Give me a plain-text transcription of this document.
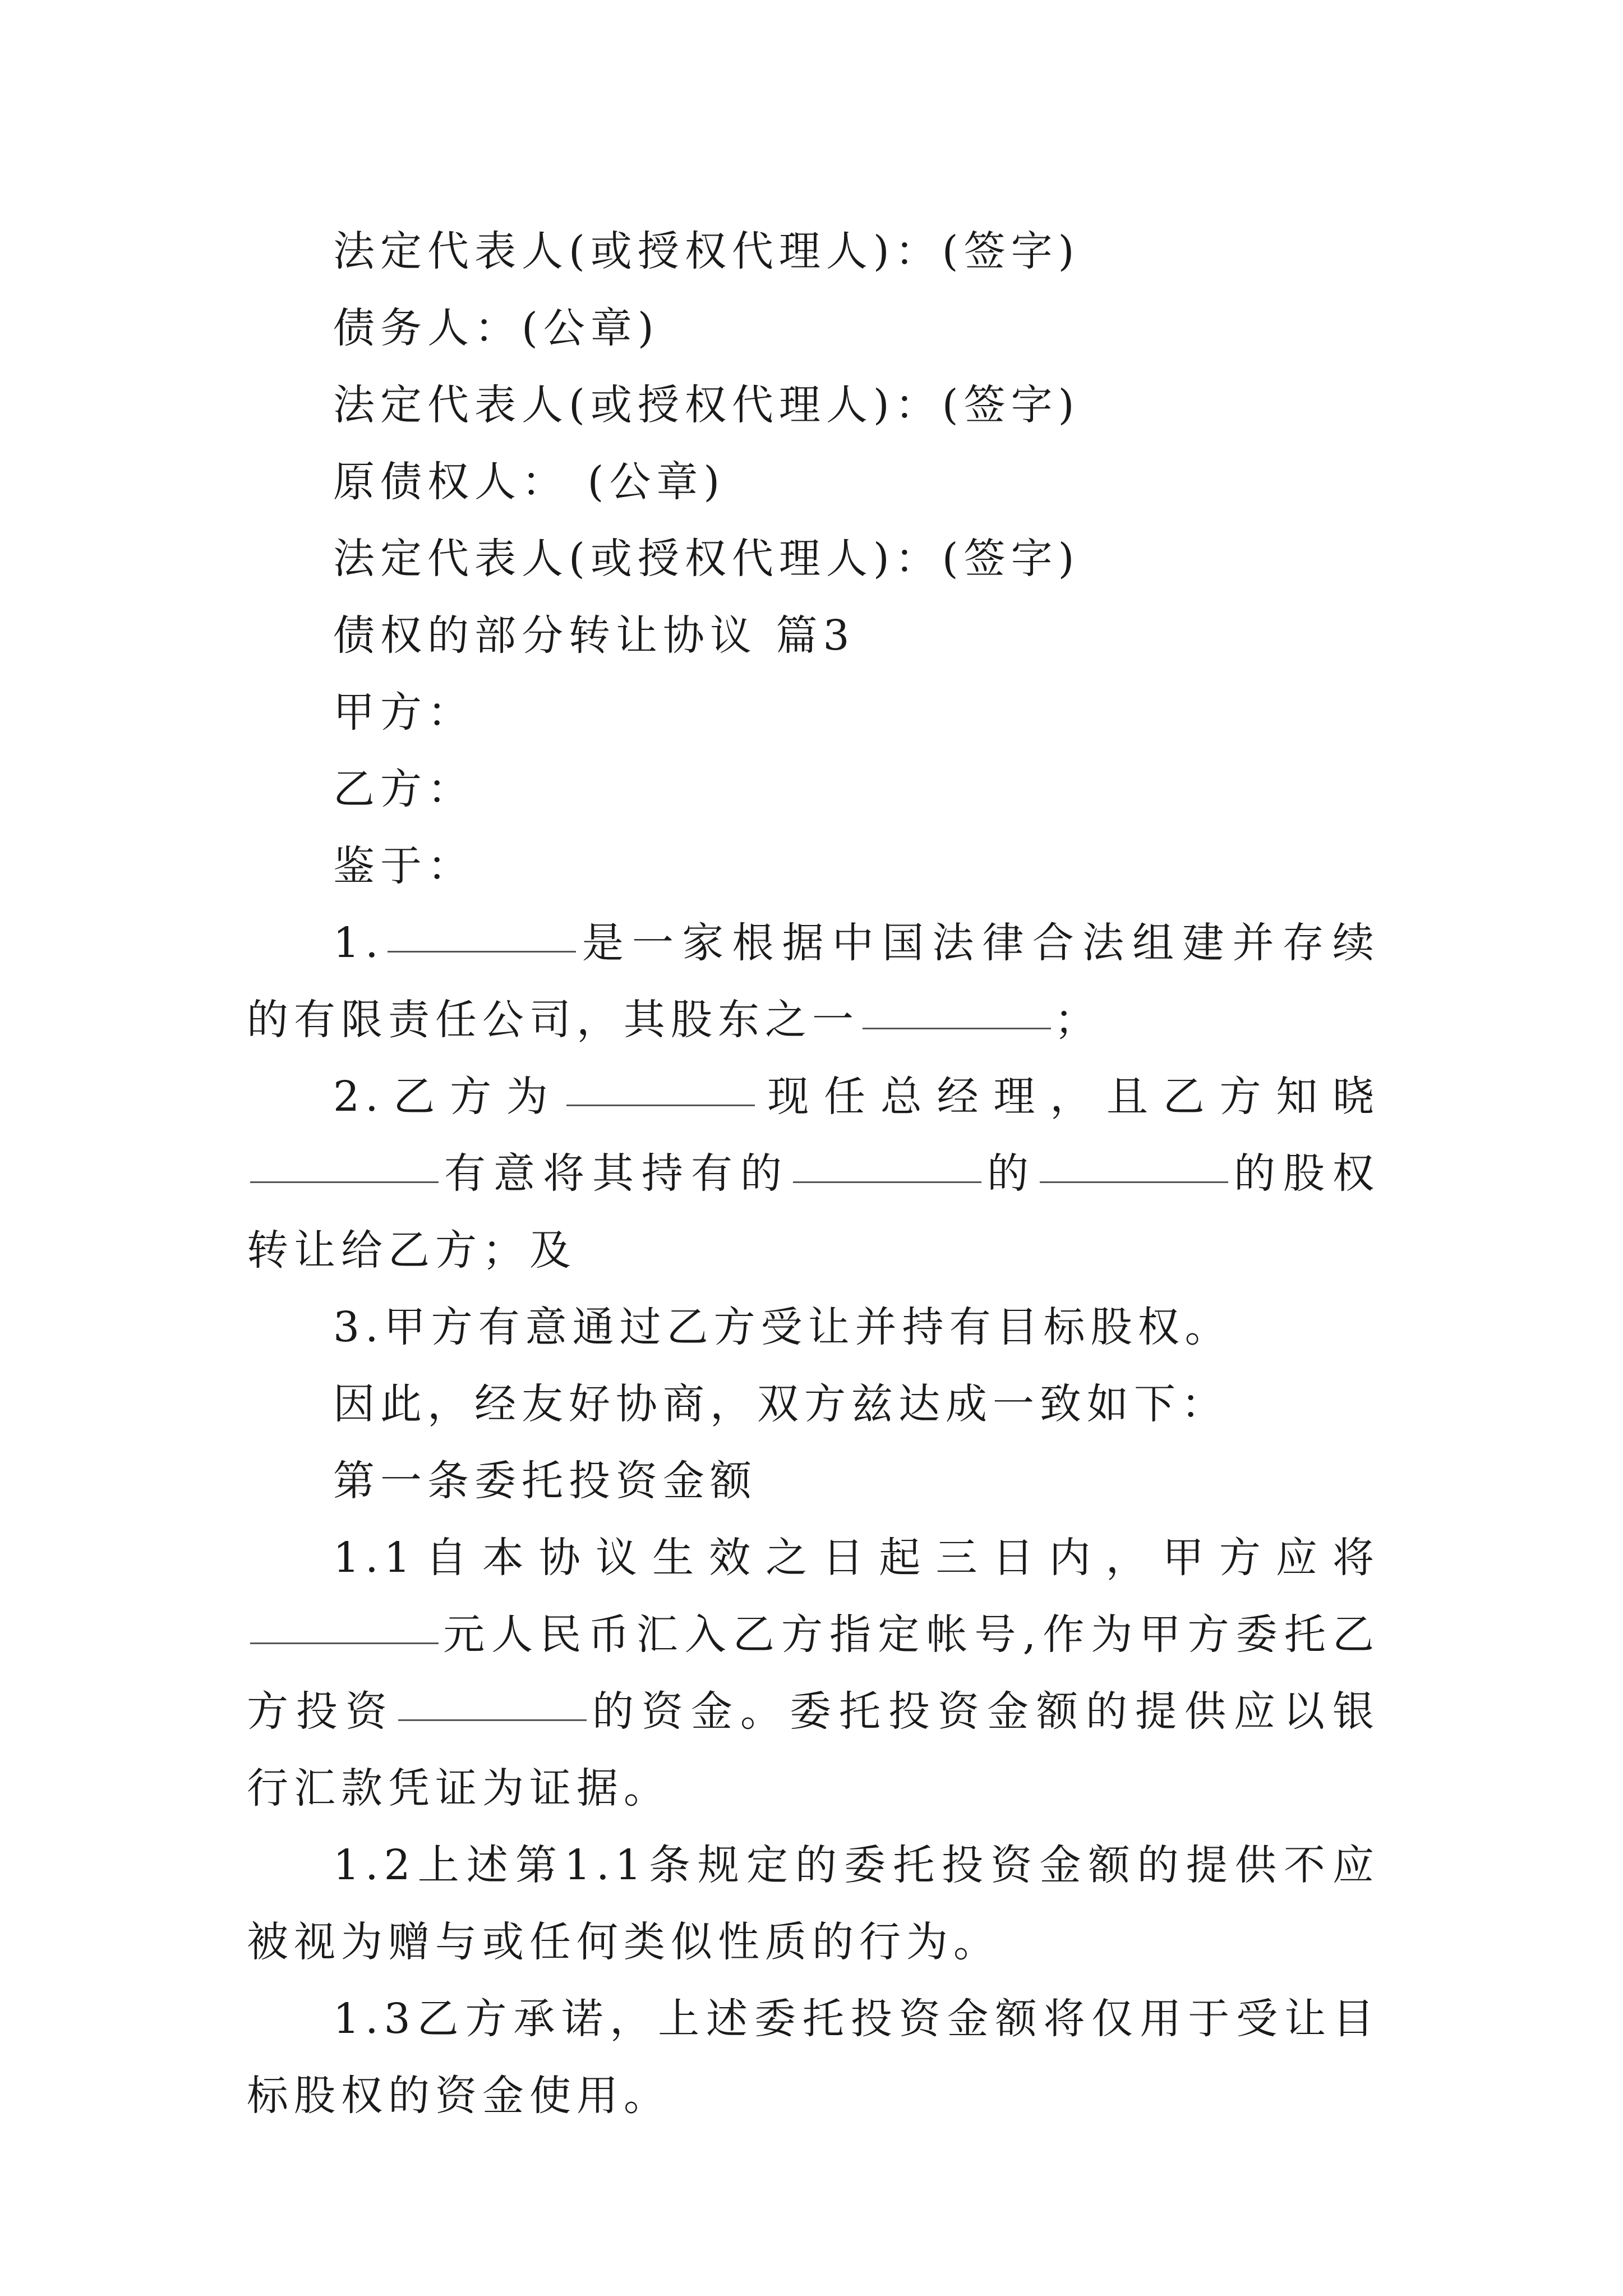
法定代表人(或授权代理人)：(签字)

债务人：(公章)

法定代表人(或授权代理人)：(签字)

原债权人： (公章)

法定代表人(或授权代理人)：(签字)

债权的部分转让协议 篇3

甲方：

乙方：

鉴于：

1.	是一家根据中国法律合法组建并存续的有限责任公司，其股东之一	；

2.乙方为	现任总经理，且乙方知晓有意将其持有的	的	的股权转让给乙方；及

3.甲方有意通过乙方受让并持有目标股权。

因此，经友好协商，双方兹达成一致如下：

第一条委托投资金额

1.1自本协议生效之日起三日内，甲方应将元人民币汇入乙方指定帐号,作为甲方委托乙方投资	的资金。委托投资金额的提供应以银行汇款凭证为证据。

1.2上述第1.1条规定的委托投资金额的提供不应被视为赠与或任何类似性质的行为。

1.3乙方承诺，上述委托投资金额将仅用于受让目标股权的资金使用。
